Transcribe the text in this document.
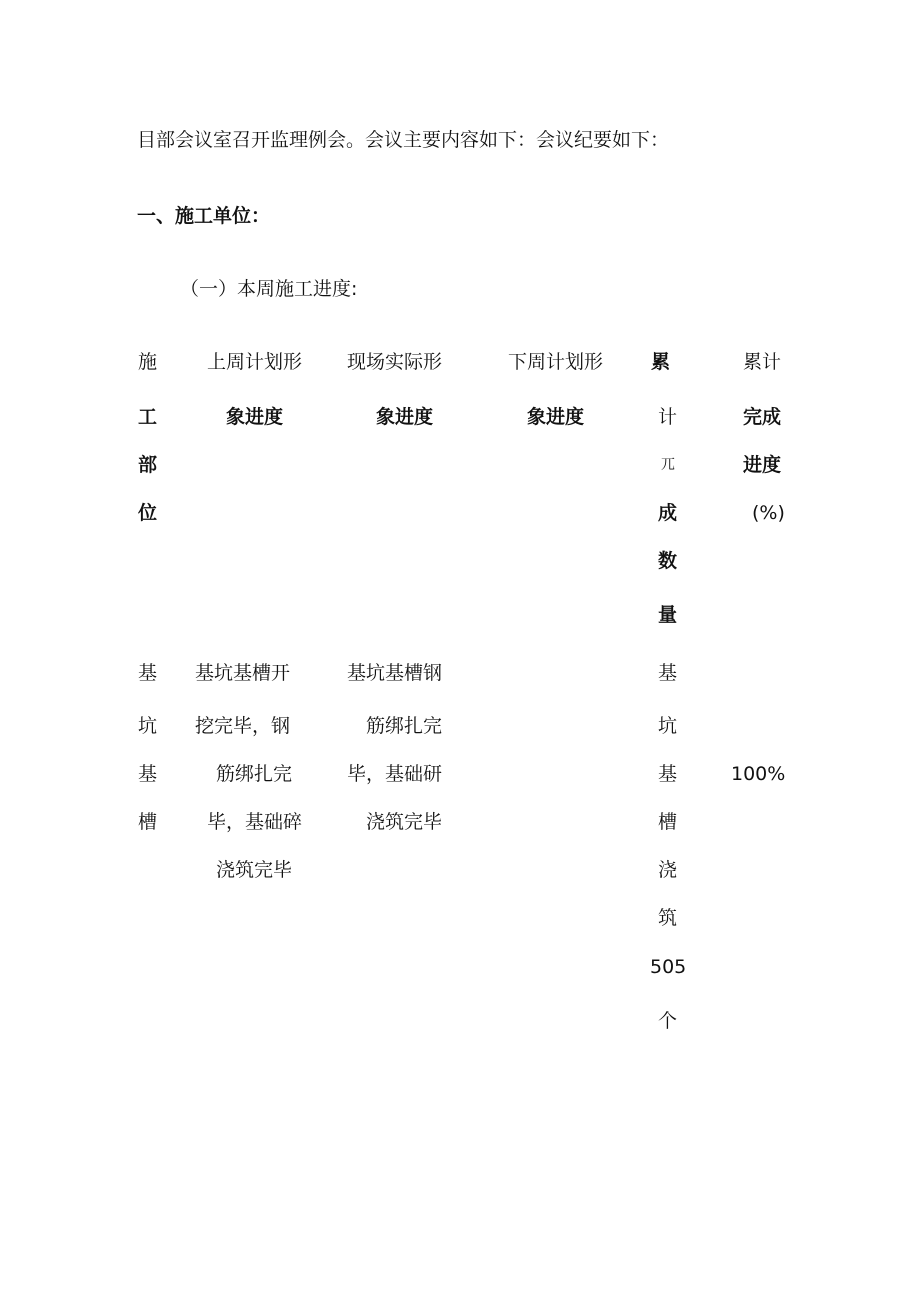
目部会议室召开监理例会。会议主要内容如下：会议纪要如下：
一、施工单位：
（一）本周施工进度:
施
工
部
位
上周计划形
象进度
现场实际形
象进度
下周计划形
象进度
累
计
兀
成
数
量
累计
完成
进度
(%)
基
坑
基
槽
基坑基槽开
挖完毕，钢
筋绑扎完
毕，基础碎
浇筑完毕
基坑基槽钢
筋绑扎完
毕，基础研
浇筑完毕
基
坑
基
槽
浇
筑
505
个
100%
